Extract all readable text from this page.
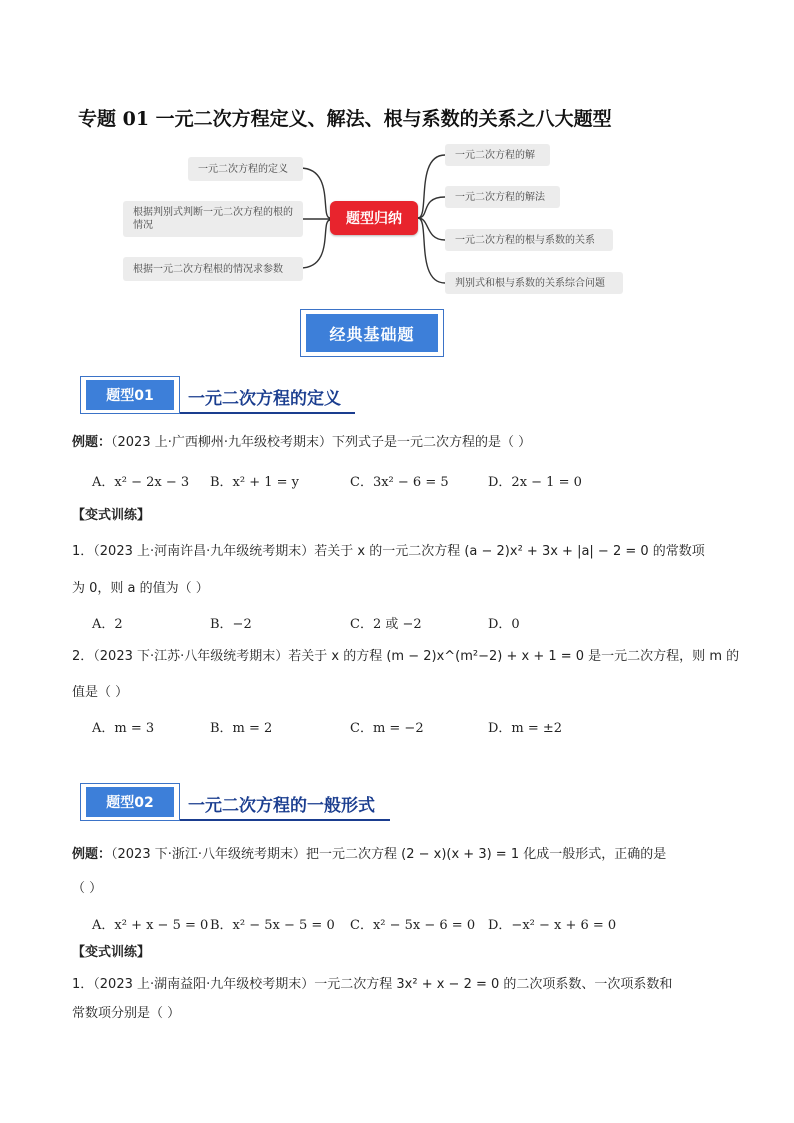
专题 01 一元二次方程定义、解法、根与系数的关系之八大题型
一元二次方程的定义
根据判别式判断一元二次方程的根的情况
根据一元二次方程根的情况求参数
题型归纳
一元二次方程的解
一元二次方程的解法
一元二次方程的根与系数的关系
判别式和根与系数的关系综合问题
经典基础题
题型01	一元二次方程的定义
例题：（2023 上·广西柳州·九年级校考期末）下列式子是一元二次方程的是（ ）
A．x² − 2x − 3 B．x² + 1 = y	C．3x² − 6 = 5	D．2x − 1 = 0
【变式训练】
1．（2023 上·河南许昌·九年级统考期末）若关于 x 的一元二次方程 (a − 2)x² + 3x + |a| − 2 = 0 的常数项
为 0，则 a 的值为（ ）
A．2	B．−2	C．2 或 −2	D．0
2．（2023 下·江苏·八年级统考期末）若关于 x 的方程 (m − 2)x^(m²−2) + x + 1 = 0 是一元二次方程，则 m 的
值是（ ）
A．m = 3	B．m = 2	C．m = −2	D．m = ±2
题型02	一元二次方程的一般形式
例题：（2023 下·浙江·八年级统考期末）把一元二次方程 (2 − x)(x + 3) = 1 化成一般形式，正确的是
（ ）
A．x² + x − 5 = 0 B．x² − 5x − 5 = 0 C．x² − 5x − 6 = 0 D．−x² − x + 6 = 0
【变式训练】
1．（2023 上·湖南益阳·九年级校考期末）一元二次方程 3x² + x − 2 = 0 的二次项系数、一次项系数和
常数项分别是（ ）
